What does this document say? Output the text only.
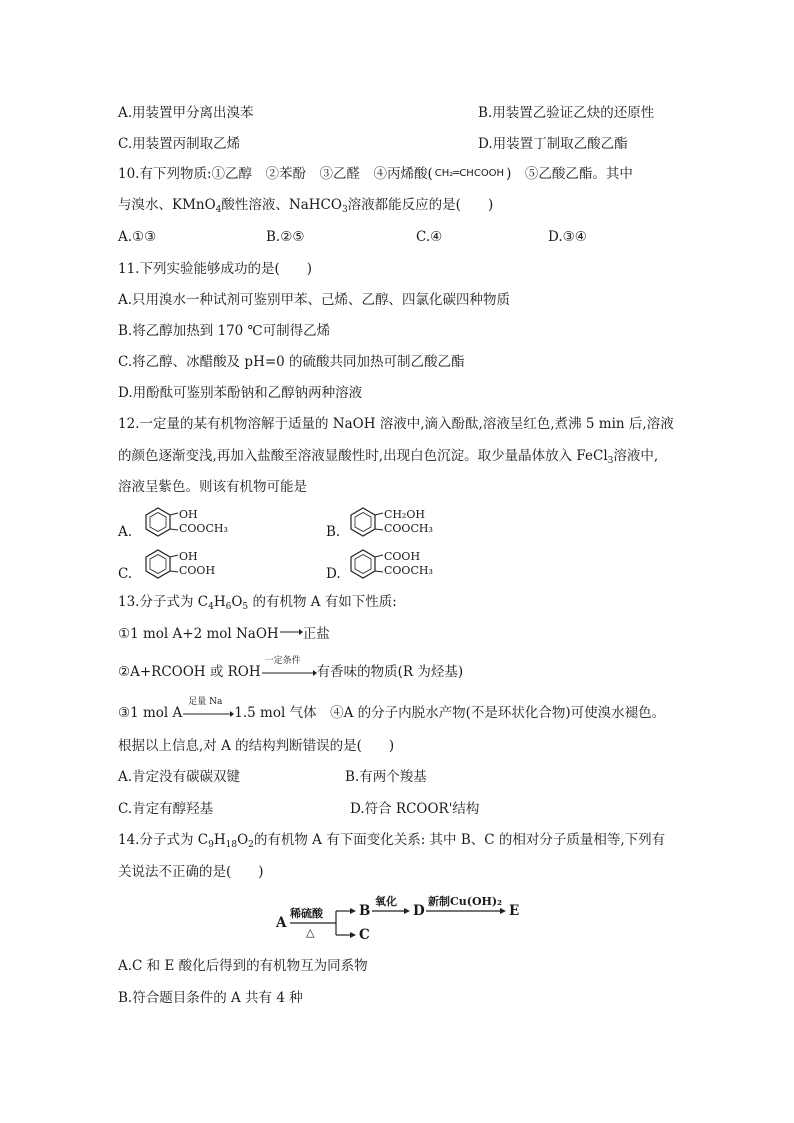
A.用装置甲分离出溴苯	B.用装置乙验证乙炔的还原性
C.用装置丙制取乙烯	D.用装置丁制取乙酸乙酯
10.有下列物质:①乙醇　②苯酚　③乙醛　④丙烯酸( CH₂═CHCOOH )　⑤乙酸乙酯。其中
与溴水、KMnO$_4$酸性溶液、NaHCO$_3$溶液都能反应的是(　　)
A.①③	B.②⑤	C.④	D.③④
11.下列实验能够成功的是(　　)
A.只用溴水一种试剂可鉴别甲苯、己烯、乙醇、四氯化碳四种物质
B.将乙醇加热到 170 ℃可制得乙烯
C.将乙醇、冰醋酸及 pH=0 的硫酸共同加热可制乙酸乙酯
D.用酚酞可鉴别苯酚钠和乙醇钠两种溶液
12.一定量的某有机物溶解于适量的 NaOH 溶液中,滴入酚酞,溶液呈红色,煮沸 5 min 后,溶液
的颜色逐渐变浅,再加入盐酸至溶液显酸性时,出现白色沉淀。取少量晶体放入 FeCl$_3$溶液中,
溶液呈紫色。则该有机物可能是
A.
OH
COOCH₃	B.
CH₂OH
COOCH₃
C.
OH
COOH	D.
COOH
COOCH₃
13.分子式为 $C_4H_6O_5$ 的有机物 A 有如下性质:
①1 mol A+2 mol NaOH 正盐
②A+RCOOH 或 ROH
一定条件
有香味的物质(R 为烃基)
③1 mol A
足量 Na
1.5 mol 气体　④A 的分子内脱水产物(不是环状化合物)可使溴水褪色。
根据以上信息,对 A 的结构判断错误的是(　　)
A.肯定没有碳碳双键	B.有两个羧基
C.肯定有醇羟基	D.符合 RCOOR'结构
14.分子式为 $C_9H_{18}O_2$的有机物 A 有下面变化关系: 其中 B、C 的相对分子质量相等,下列有
关说法不正确的是(　　)
A
稀硫酸
△
B
C
氧化
D
新制Cu(OH)₂
E
A.C 和 E 酸化后得到的有机物互为同系物
B.符合题目条件的 A 共有 4 种
